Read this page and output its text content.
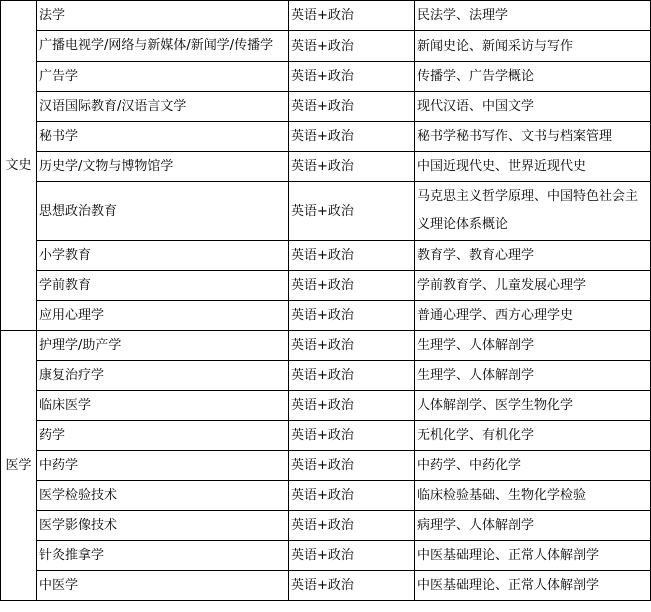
文史	法学	英语+政治	民法学、法理学
	广播电视学/网络与新媒体/新闻学/传播学	英语+政治	新闻史论、新闻采访与写作
	广告学	英语+政治	传播学、广告学概论
	汉语国际教育/汉语言文学	英语+政治	现代汉语、中国文学
	秘书学	英语+政治	秘书学秘书写作、文书与档案管理
	历史学/文物与博物馆学	英语+政治	中国近现代史、世界近现代史
	思想政治教育	英语+政治	马克思主义哲学原理、中国特色社会主义理论体系概论
	小学教育	英语+政治	教育学、教育心理学
	学前教育	英语+政治	学前教育学、儿童发展心理学
	应用心理学	英语+政治	普通心理学、西方心理学史
医学	护理学/助产学	英语+政治	生理学、人体解剖学
	康复治疗学	英语+政治	生理学、人体解剖学
	临床医学	英语+政治	人体解剖学、医学生物化学
	药学	英语+政治	无机化学、有机化学
	中药学	英语+政治	中药学、中药化学
	医学检验技术	英语+政治	临床检验基础、生物化学检验
	医学影像技术	英语+政治	病理学、人体解剖学
	针灸推拿学	英语+政治	中医基础理论、正常人体解剖学
	中医学	英语+政治	中医基础理论、正常人体解剖学
